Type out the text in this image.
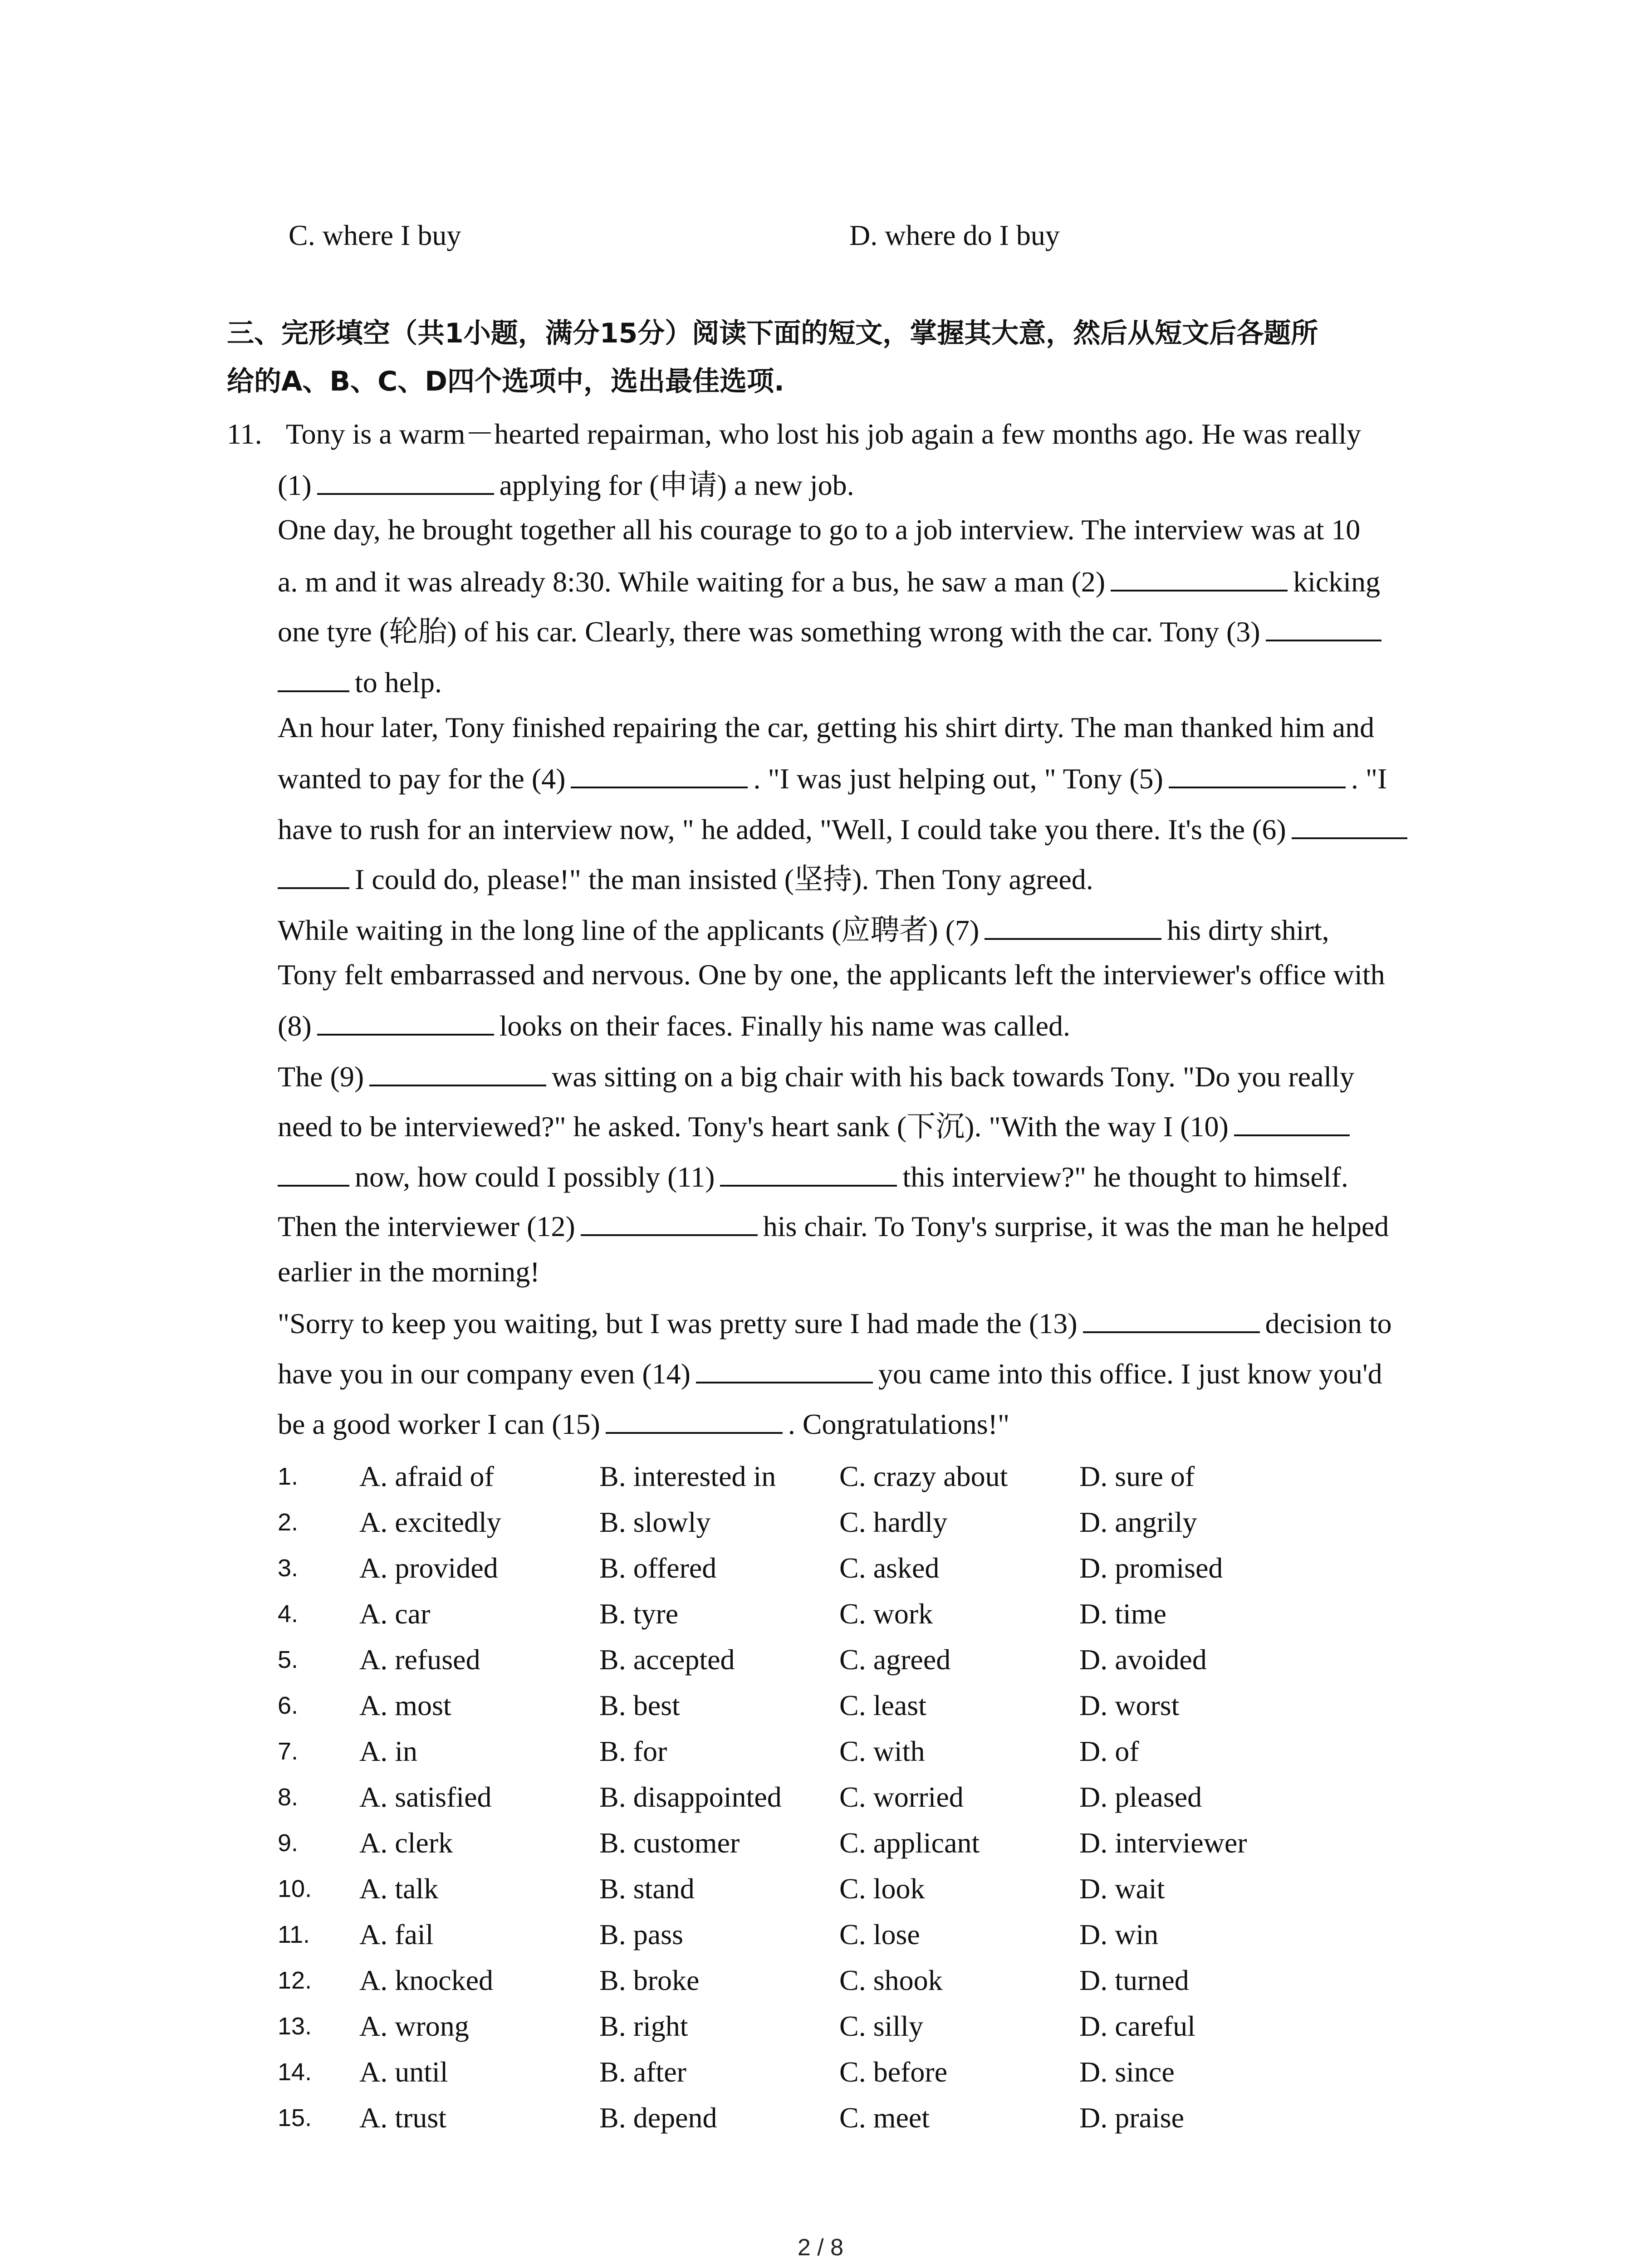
C. where I buy	D. where do I buy
三、完形填空（共1小题，满分15分）阅读下面的短文，掌握其大意，然后从短文后各题所
给的A、B、C、D四个选项中，选出最佳选项.
11. Tony is a warm－hearted repairman, who lost his job again a few months ago. He was really
(1)	applying for (申请) a new job.
One day, he brought together all his courage to go to a job interview. The interview was at 10
a. m and it was already 8:30. While waiting for a bus, he saw a man (2)	kicking
one tyre (轮胎) of his car. Clearly, there was something wrong with the car. Tony (3)
to help.
An hour later, Tony finished repairing the car, getting his shirt dirty. The man thanked him and
wanted to pay for the (4)	. "I was just helping out, " Tony (5)	. "I
have to rush for an interview now, " he added, "Well, I could take you there. It's the (6)
I could do, please!" the man insisted (坚持). Then Tony agreed.
While waiting in the long line of the applicants (应聘者) (7)	his dirty shirt,
Tony felt embarrassed and nervous. One by one, the applicants left the interviewer's office with
(8)	looks on their faces. Finally his name was called.
The (9)	was sitting on a big chair with his back towards Tony. "Do you really
need to be interviewed?" he asked. Tony's heart sank (下沉). "With the way I (10)
now, how could I possibly (11)	this interview?" he thought to himself.
Then the interviewer (12)	his chair. To Tony's surprise, it was the man he helped
earlier in the morning!
"Sorry to keep you waiting, but I was pretty sure I had made the (13)	decision to
have you in our company even (14)	you came into this office. I just know you'd
be a good worker I can (15)	. Congratulations!"
1. A. afraid of	B. interested in C. crazy about D. sure of
2. A. excitedly	B. slowly	C. hardly	D. angrily
3. A. provided	B. offered	C. asked	D. promised
4. A. car	B. tyre	C. work	D. time
5. A. refused	B. accepted	C. agreed	D. avoided
6. A. most	B. best	C. least	D. worst
7. A. in	B. for	C. with	D. of
8. A. satisfied	B. disappointed C. worried	D. pleased
9. A. clerk	B. customer	C. applicant	D. interviewer
10. A. talk	B. stand	C. look	D. wait
11. A. fail	B. pass	C. lose	D. win
12. A. knocked	B. broke	C. shook	D. turned
13. A. wrong	B. right	C. silly	D. careful
14. A. until	B. after	C. before	D. since
15. A. trust	B. depend	C. meet	D. praise
2 / 8
